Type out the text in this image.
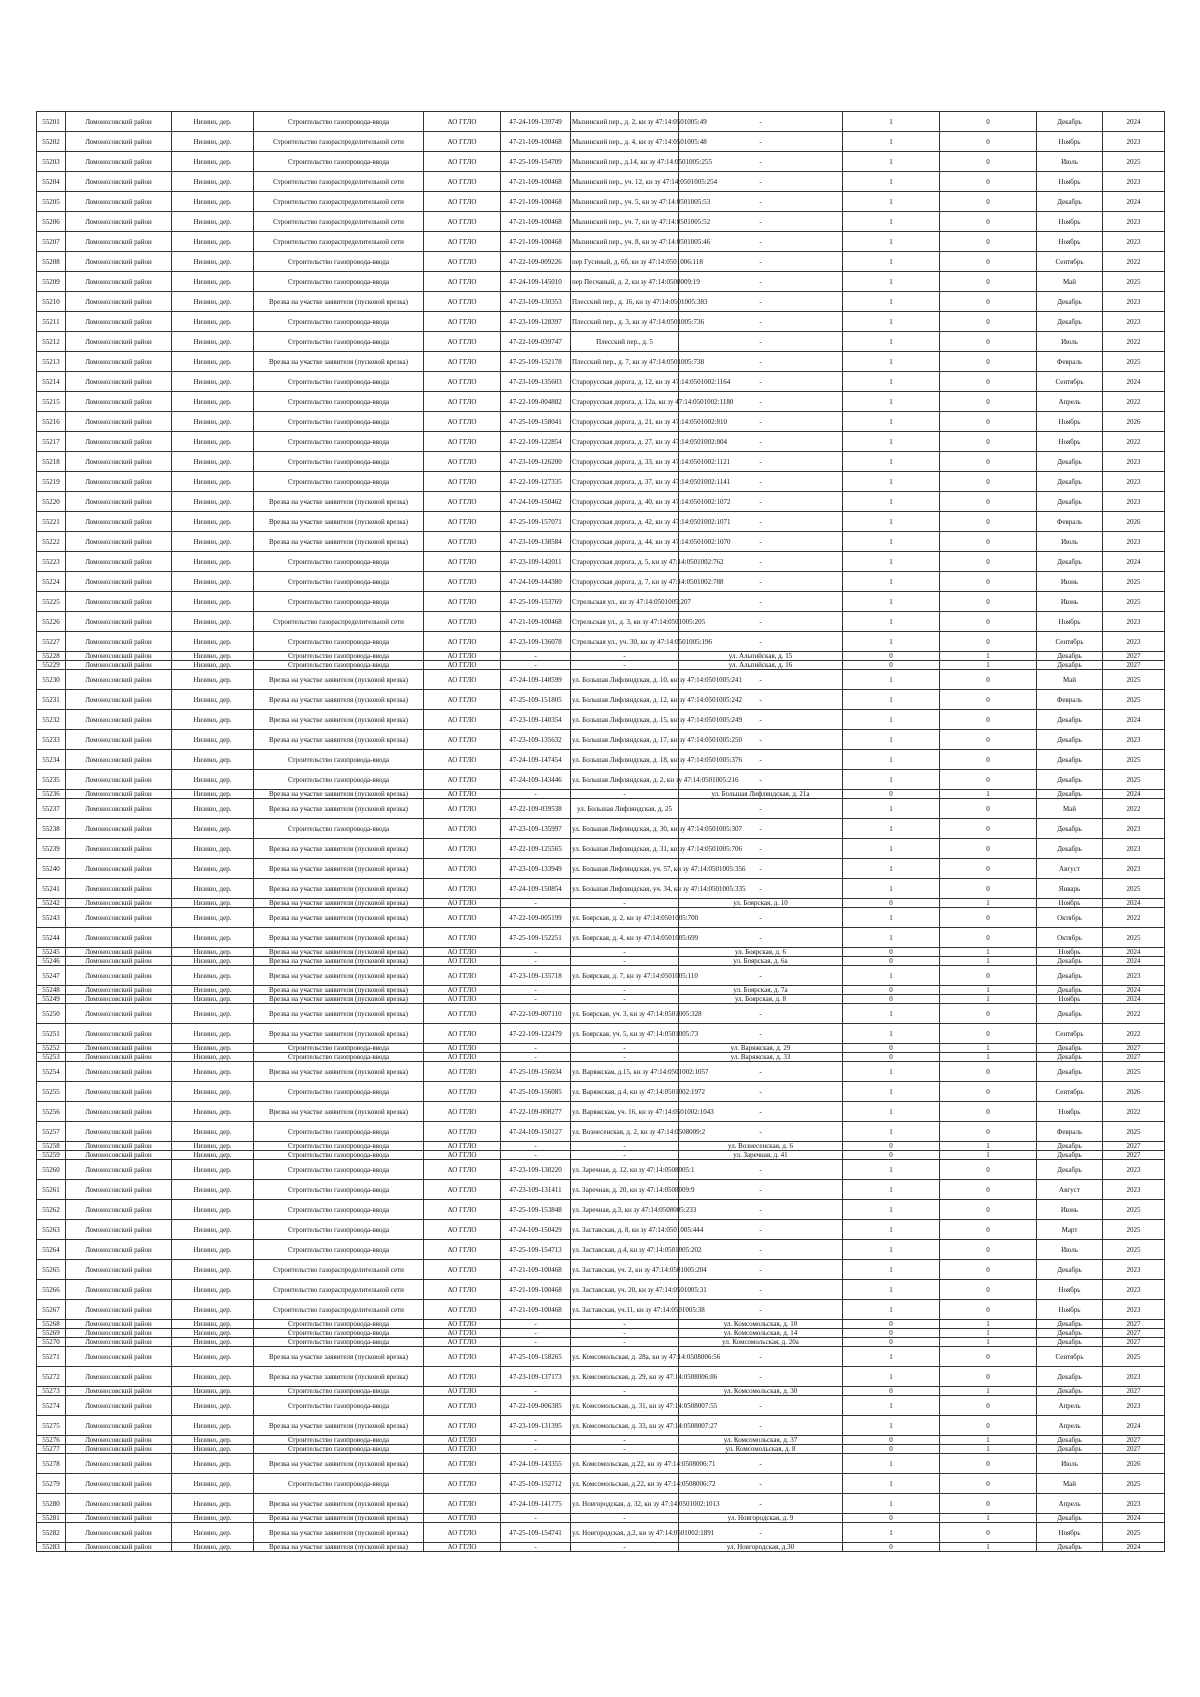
55201	Ломоносовский район	Низино, дер.	Строительство газопровода-ввода	АО ГГЛО	47-24-109-139749	Мызинский пер., д. 2, кн зу 47:14:0501005:49	-	1	0	Декабрь	2024
55202	Ломоносовский район	Низино, дер.	Строительство газораспределительной сети	АО ГГЛО	47-21-109-100468	Мызинский пер., д. 4, кн зу 47:14:0501005:48	-	1	0	Ноябрь	2023
55203	Ломоносовский район	Низино, дер.	Строительство газопровода-ввода	АО ГГЛО	47-25-109-154709	Мызинский пер., д.14, кн зу 47:14:0501005:255	-	1	0	Июль	2025
55204	Ломоносовский район	Низино, дер.	Строительство газораспределительной сети	АО ГГЛО	47-21-109-100468	Мызинский пер., уч. 12, кн зу 47:14:0501005:254	-	1	0	Ноябрь	2023
55205	Ломоносовский район	Низино, дер.	Строительство газораспределительной сети	АО ГГЛО	47-21-109-100468	Мызинский пер., уч. 5, кн зу 47:14:0501005:53	-	1	0	Декабрь	2024
55206	Ломоносовский район	Низино, дер.	Строительство газораспределительной сети	АО ГГЛО	47-21-109-100468	Мызинский пер., уч. 7, кн зу 47:14:0501005:52	-	1	0	Ноябрь	2023
55207	Ломоносовский район	Низино, дер.	Строительство газораспределительной сети	АО ГГЛО	47-21-109-100468	Мызинский пер., уч. 8, кн зу 47:14:0501005:46	-	1	0	Ноябрь	2023
55208	Ломоносовский район	Низино, дер.	Строительство газопровода-ввода	АО ГГЛО	47-22-109-009226	пер Гусиный, д. 6б, кн зу 47:14:0501006:118	-	1	0	Сентябрь	2022
55209	Ломоносовский район	Низино, дер.	Строительство газопровода-ввода	АО ГГЛО	47-24-109-145010	пер Песчаный, д. 2, кн зу 47:14:0508009:19	-	1	0	Май	2025
55210	Ломоносовский район	Низино, дер.	Врезка на участке заявителя (пусковой врезка)	АО ГГЛО	47-23-109-130353	Плесский пер., д. 16, кн зу 47:14:0501005:383	-	1	0	Декабрь	2023
55211	Ломоносовский район	Низино, дер.	Строительство газопровода-ввода	АО ГГЛО	47-23-109-128397	Плесский пер., д. 3, кн зу 47:14:0501005:736	-	1	0	Декабрь	2023
55212	Ломоносовский район	Низино, дер.	Строительство газопровода-ввода	АО ГГЛО	47-22-109-039747	Плесский пер., д. 5	-	1	0	Июль	2022
55213	Ломоносовский район	Низино, дер.	Врезка на участке заявителя (пусковой врезка)	АО ГГЛО	47-25-109-152178	Плесский пер., д. 7, кн зу 47:14:0501005:738	-	1	0	Февраль	2025
55214	Ломоносовский район	Низино, дер.	Строительство газопровода-ввода	АО ГГЛО	47-23-109-135603	Старорусская дорога, д. 12, кн зу 47:14:0501002:1164	-	1	0	Сентябрь	2024
55215	Ломоносовский район	Низино, дер.	Строительство газопровода-ввода	АО ГГЛО	47-22-109-004882	Старорусская дорога, д. 12а, кн зу 47:14:0501002:1180	-	1	0	Апрель	2022
55216	Ломоносовский район	Низино, дер.	Строительство газопровода-ввода	АО ГГЛО	47-25-109-158041	Старорусская дорога, д. 21, кн зу 47:14:0501002:810	-	1	0	Ноябрь	2026
55217	Ломоносовский район	Низино, дер.	Строительство газопровода-ввода	АО ГГЛО	47-22-109-122854	Старорусская дорога, д. 27, кн зу 47:14:0501002:804	-	1	0	Ноябрь	2022
55218	Ломоносовский район	Низино, дер.	Строительство газопровода-ввода	АО ГГЛО	47-23-109-126200	Старорусская дорога, д. 33, кн зу 47:14:0501002:1121	-	1	0	Декабрь	2023
55219	Ломоносовский район	Низино, дер.	Строительство газопровода-ввода	АО ГГЛО	47-22-109-127335	Старорусская дорога, д. 37, кн зу 47:14:0501002:1141	-	1	0	Декабрь	2023
55220	Ломоносовский район	Низино, дер.	Врезка на участке заявителя (пусковой врезка)	АО ГГЛО	47-24-109-150462	Старорусская дорога, д. 40, кн зу 47:14:0501002:1072	-	1	0	Декабрь	2023
55221	Ломоносовский район	Низино, дер.	Врезка на участке заявителя (пусковой врезка)	АО ГГЛО	47-25-109-157071	Старорусская дорога, д. 42, кн зу 47:14:0501002:1071	-	1	0	Февраль	2026
55222	Ломоносовский район	Низино, дер.	Врезка на участке заявителя (пусковой врезка)	АО ГГЛО	47-23-109-138584	Старорусская дорога, д. 44, кн зу 47:14:0501002:1070	-	1	0	Июль	2023
55223	Ломоносовский район	Низино, дер.	Строительство газопровода-ввода	АО ГГЛО	47-23-109-142011	Старорусская дорога, д. 5, кн зу 47:14:0501002:762	-	1	0	Декабрь	2024
55224	Ломоносовский район	Низино, дер.	Строительство газопровода-ввода	АО ГГЛО	47-24-109-144380	Старорусская дорога, д. 7, кн зу 47:14:0501002:788	-	1	0	Июнь	2025
55225	Ломоносовский район	Низино, дер.	Строительство газопровода-ввода	АО ГГЛО	47-25-109-153769	Стрельская ул., кн зу 47:14:0501005:207	-	1	0	Июнь	2025
55226	Ломоносовский район	Низино, дер.	Строительство газораспределительной сети	АО ГГЛО	47-21-109-100468	Стрельская ул., д. 3, кн зу 47:14:0501005:205	-	1	0	Ноябрь	2023
55227	Ломоносовский район	Низино, дер.	Строительство газопровода-ввода	АО ГГЛО	47-23-109-136078	Стрельская ул., уч. 30, кн зу 47:14:0501005:196	-	1	0	Сентябрь	2023
55228	Ломоносовский район	Низино, дер.	Строительство газопровода-ввода	АО ГГЛО	-	-	ул. Альпийская, д. 15	0	1	Декабрь	2027
55229	Ломоносовский район	Низино, дер.	Строительство газопровода-ввода	АО ГГЛО	-	-	ул. Альпийская, д. 16	0	1	Декабрь	2027
55230	Ломоносовский район	Низино, дер.	Врезка на участке заявителя (пусковой врезка)	АО ГГЛО	47-24-109-148599	ул. Большая Лифляндская, д. 10, кн зу 47:14:0501005:241	-	1	0	Май	2025
55231	Ломоносовский район	Низино, дер.	Врезка на участке заявителя (пусковой врезка)	АО ГГЛО	47-25-109-151805	ул. Большая Лифляндская, д. 12, кн зу 47:14:0501005:242	-	1	0	Февраль	2025
55232	Ломоносовский район	Низино, дер.	Врезка на участке заявителя (пусковой врезка)	АО ГГЛО	47-23-109-140354	ул. Большая Лифляндская, д. 15, кн зу 47:14:0501005:249	-	1	0	Декабрь	2024
55233	Ломоносовский район	Низино, дер.	Врезка на участке заявителя (пусковой врезка)	АО ГГЛО	47-23-109-135632	ул. Большая Лифляндская, д. 17, кн зу 47:14:0501005:250	-	1	0	Декабрь	2023
55234	Ломоносовский район	Низино, дер.	Строительство газопровода-ввода	АО ГГЛО	47-24-109-147454	ул. Большая Лифляндская, д. 18, кн зу 47:14:0501005:376	-	1	0	Декабрь	2025
55235	Ломоносовский район	Низино, дер.	Строительство газопровода-ввода	АО ГГЛО	47-24-109-143446	ул. Большая Лифляндская, д. 2, кн зу 47:14:0501005:216	-	1	0	Декабрь	2025
55236	Ломоносовский район	Низино, дер.	Врезка на участке заявителя (пусковой врезка)	АО ГГЛО	-	-	ул. Большая Лифляндская, д. 21а	0	1	Декабрь	2024
55237	Ломоносовский район	Низино, дер.	Врезка на участке заявителя (пусковой врезка)	АО ГГЛО	47-22-109-039538	ул. Большая Лифляндская, д. 25	-	1	0	Май	2022
55238	Ломоносовский район	Низино, дер.	Строительство газопровода-ввода	АО ГГЛО	47-23-109-135997	ул. Большая Лифляндская, д. 30, кн зу 47:14:0501005:307	-	1	0	Декабрь	2023
55239	Ломоносовский район	Низино, дер.	Врезка на участке заявителя (пусковой врезка)	АО ГГЛО	47-22-109-125565	ул. Большая Лифляндская, д. 31, кн зу 47:14:0501005:706	-	1	0	Декабрь	2023
55240	Ломоносовский район	Низино, дер.	Врезка на участке заявителя (пусковой врезка)	АО ГГЛО	47-23-109-133949	ул. Большая Лифляндская, уч. 57, кн зу 47:14:0501005:356	-	1	0	Август	2023
55241	Ломоносовский район	Низино, дер.	Врезка на участке заявителя (пусковой врезка)	АО ГГЛО	47-24-109-150854	ул. Большая Лифляндская, уч. 34, кн зу 47:14:0501005:335	-	1	0	Январь	2025
55242	Ломоносовский район	Низино, дер.	Врезка на участке заявителя (пусковой врезка)	АО ГГЛО	-	-	ул. Боярская, д. 10	0	1	Ноябрь	2024
55243	Ломоносовский район	Низино, дер.	Врезка на участке заявителя (пусковой врезка)	АО ГГЛО	47-22-109-005199	ул. Боярская, д. 2, кн зу 47:14:0501005:700	-	1	0	Октябрь	2022
55244	Ломоносовский район	Низино, дер.	Врезка на участке заявителя (пусковой врезка)	АО ГГЛО	47-25-109-152251	ул. Боярская, д. 4, кн зу 47:14:0501005:699	-	1	0	Октябрь	2025
55245	Ломоносовский район	Низино, дер.	Врезка на участке заявителя (пусковой врезка)	АО ГГЛО	-	-	ул. Боярская, д. 6	0	1	Ноябрь	2024
55246	Ломоносовский район	Низино, дер.	Врезка на участке заявителя (пусковой врезка)	АО ГГЛО	-	-	ул. Боярская, д. 6а	0	1	Декабрь	2024
55247	Ломоносовский район	Низино, дер.	Врезка на участке заявителя (пусковой врезка)	АО ГГЛО	47-23-109-135718	ул. Боярская, д. 7, кн зу 47:14:0501005:110	-	1	0	Декабрь	2023
55248	Ломоносовский район	Низино, дер.	Врезка на участке заявителя (пусковой врезка)	АО ГГЛО	-	-	ул. Боярская, д. 7а	0	1	Декабрь	2024
55249	Ломоносовский район	Низино, дер.	Врезка на участке заявителя (пусковой врезка)	АО ГГЛО	-	-	ул. Боярская, д. 8	0	1	Ноябрь	2024
55250	Ломоносовский район	Низино, дер.	Врезка на участке заявителя (пусковой врезка)	АО ГГЛО	47-22-109-007110	ул. Боярская, уч. 3, кн зу 47:14:0501005:328	-	1	0	Декабрь	2022
55251	Ломоносовский район	Низино, дер.	Врезка на участке заявителя (пусковой врезка)	АО ГГЛО	47-22-109-122479	ул. Боярская, уч. 5, кн зу 47:14:0501005:73	-	1	0	Сентябрь	2022
55252	Ломоносовский район	Низино, дер.	Строительство газопровода-ввода	АО ГГЛО	-	-	ул. Варяжская, д. 29	0	1	Декабрь	2027
55253	Ломоносовский район	Низино, дер.	Строительство газопровода-ввода	АО ГГЛО	-	-	ул. Варяжская, д. 33	0	1	Декабрь	2027
55254	Ломоносовский район	Низино, дер.	Врезка на участке заявителя (пусковой врезка)	АО ГГЛО	47-25-109-156034	ул. Варяжская, д.15, кн зу 47:14:0501002:1057	-	1	0	Декабрь	2025
55255	Ломоносовский район	Низино, дер.	Строительство газопровода-ввода	АО ГГЛО	47-25-109-156085	ул. Варяжская, д.4, кн зу 47:14:0501002:1972	-	1	0	Сентябрь	2026
55256	Ломоносовский район	Низино, дер.	Врезка на участке заявителя (пусковой врезка)	АО ГГЛО	47-22-109-008277	ул. Варяжская, уч. 16, кн зу 47:14:0501002:1043	-	1	0	Ноябрь	2022
55257	Ломоносовский район	Низино, дер.	Строительство газопровода-ввода	АО ГГЛО	47-24-109-150127	ул. Вознесенская, д. 2, кн зу 47:14:0508009:2	-	1	0	Февраль	2025
55258	Ломоносовский район	Низино, дер.	Строительство газопровода-ввода	АО ГГЛО	-	-	ул. Вознесенская, д. 6	0	1	Декабрь	2027
55259	Ломоносовский район	Низино, дер.	Строительство газопровода-ввода	АО ГГЛО	-	-	ул. Заречная, д. 41	0	1	Декабрь	2027
55260	Ломоносовский район	Низино, дер.	Строительство газопровода-ввода	АО ГГЛО	47-23-109-138220	ул. Заречная, д. 12, кн зу 47:14:0508005:1	-	1	0	Декабрь	2023
55261	Ломоносовский район	Низино, дер.	Строительство газопровода-ввода	АО ГГЛО	47-23-109-131411	ул. Заречная, д. 20, кн зу 47:14:0508009:9	-	1	0	Август	2023
55262	Ломоносовский район	Низино, дер.	Строительство газопровода-ввода	АО ГГЛО	47-25-109-153848	ул. Заречная, д.3, кн зу 47:14:0508005:233	-	1	0	Июнь	2025
55263	Ломоносовский район	Низино, дер.	Строительство газопровода-ввода	АО ГГЛО	47-24-109-150429	ул. Заставская, д. 8, кн зу 47:14:0501005:444	-	1	0	Март	2025
55264	Ломоносовский район	Низино, дер.	Строительство газопровода-ввода	АО ГГЛО	47-25-109-154713	ул. Заставская, д.4, кн зу 47:14:0501005:202	-	1	0	Июль	2025
55265	Ломоносовский район	Низино, дер.	Строительство газораспределительной сети	АО ГГЛО	47-21-109-100468	ул. Заставская, уч. 2, кн зу 47:14:0501005:204	-	1	0	Декабрь	2023
55266	Ломоносовский район	Низино, дер.	Строительство газораспределительной сети	АО ГГЛО	47-21-109-100468	ул. Заставская, уч. 20, кн зу 47:14:0501005:31	-	1	0	Ноябрь	2023
55267	Ломоносовский район	Низино, дер.	Строительство газораспределительной сети	АО ГГЛО	47-21-109-100468	ул. Заставская, уч.11, кн зу 47:14:0501005:38	-	1	0	Ноябрь	2023
55268	Ломоносовский район	Низино, дер.	Строительство газопровода-ввода	АО ГГЛО	-	-	ул. Комсомольская, д. 10	0	1	Декабрь	2027
55269	Ломоносовский район	Низино, дер.	Строительство газопровода-ввода	АО ГГЛО	-	-	ул. Комсомольская, д. 14	0	1	Декабрь	2027
55270	Ломоносовский район	Низино, дер.	Строительство газопровода-ввода	АО ГГЛО	-	-	ул. Комсомольская, д. 20а	0	1	Декабрь	2027
55271	Ломоносовский район	Низино, дер.	Врезка на участке заявителя (пусковой врезка)	АО ГГЛО	47-25-109-158265	ул. Комсомольская, д. 28а, кн зу 47:14:0508006:56	-	1	0	Сентябрь	2025
55272	Ломоносовский район	Низино, дер.	Врезка на участке заявителя (пусковой врезка)	АО ГГЛО	47-23-109-137173	ул. Комсомольская, д. 29, кн зу 47:14:0508006:86	-	1	0	Декабрь	2023
55273	Ломоносовский район	Низино, дер.	Строительство газопровода-ввода	АО ГГЛО	-	-	ул. Комсомольская, д. 30	0	1	Декабрь	2027
55274	Ломоносовский район	Низино, дер.	Строительство газопровода-ввода	АО ГГЛО	47-22-109-006385	ул. Комсомольская, д. 31, кн зу 47:14:0508007:55	-	1	0	Апрель	2023
55275	Ломоносовский район	Низино, дер.	Врезка на участке заявителя (пусковой врезка)	АО ГГЛО	47-23-109-131395	ул. Комсомольская, д. 33, кн зу 47:14:0508007:27	-	1	0	Апрель	2024
55276	Ломоносовский район	Низино, дер.	Строительство газопровода-ввода	АО ГГЛО	-	-	ул. Комсомольская, д. 37	0	1	Декабрь	2027
55277	Ломоносовский район	Низино, дер.	Строительство газопровода-ввода	АО ГГЛО	-	-	ул. Комсомольская, д. 8	0	1	Декабрь	2027
55278	Ломоносовский район	Низино, дер.	Врезка на участке заявителя (пусковой врезка)	АО ГГЛО	47-24-109-143355	ул. Комсомольская, д.22, кн зу 47:14:0508006:71	-	1	0	Июль	2026
55279	Ломоносовский район	Низино, дер.	Строительство газопровода-ввода	АО ГГЛО	47-25-109-152712	ул. Комсомольская, д.22, кн зу 47:14:0508006:72	-	1	0	Май	2025
55280	Ломоносовский район	Низино, дер.	Врезка на участке заявителя (пусковой врезка)	АО ГГЛО	47-24-109-141775	ул. Новгородская, д. 32, кн зу 47:14:0501002:1013	-	1	0	Апрель	2023
55281	Ломоносовский район	Низино, дер.	Врезка на участке заявителя (пусковой врезка)	АО ГГЛО	-	-	ул. Новгородская, д. 9	0	1	Декабрь	2024
55282	Ломоносовский район	Низино, дер.	Врезка на участке заявителя (пусковой врезка)	АО ГГЛО	47-25-109-154741	ул. Новгородская, д.2, кн зу 47:14:0501002:1891	-	1	0	Ноябрь	2025
55283	Ломоносовский район	Низино, дер.	Врезка на участке заявителя (пусковой врезка)	АО ГГЛО	-	-	ул. Новгородская, д.30	0	1	Декабрь	2024
